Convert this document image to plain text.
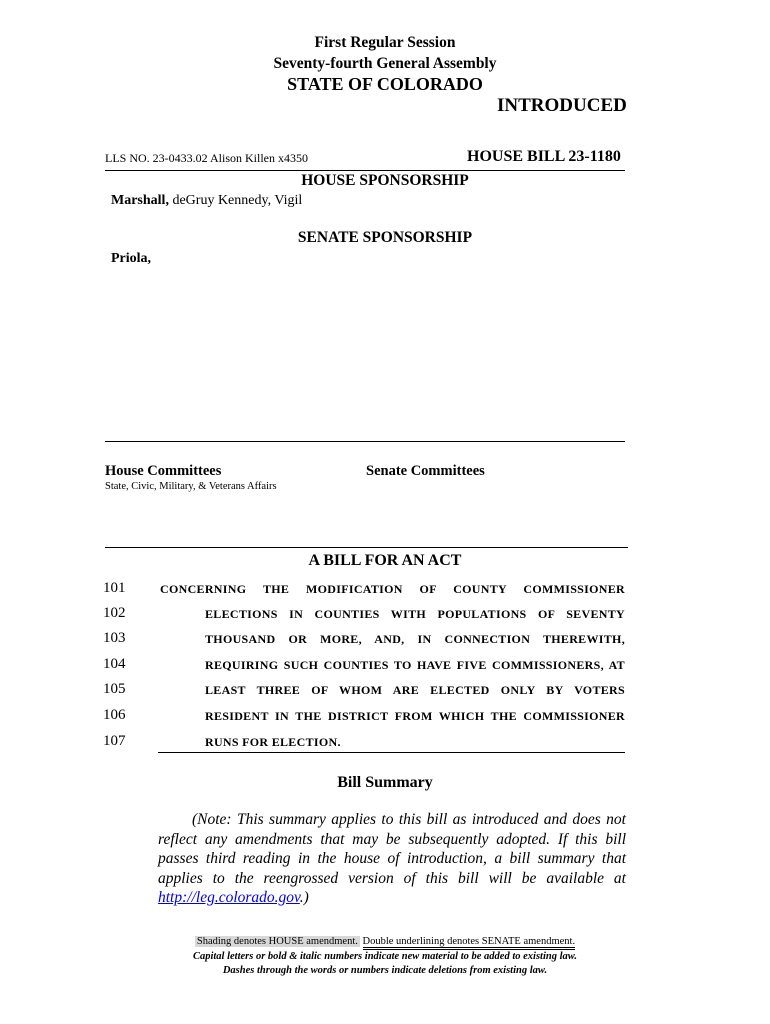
First Regular Session
Seventy-fourth General Assembly
STATE OF COLORADO
INTRODUCED
LLS NO. 23-0433.02 Alison Killen x4350	HOUSE BILL 23-1180
HOUSE SPONSORSHIP
Marshall, deGruy Kennedy, Vigil
SENATE SPONSORSHIP
Priola,
House Committees
State, Civic, Military, & Veterans Affairs
Senate Committees
A BILL FOR AN ACT
101	CONCERNING THE MODIFICATION OF COUNTY COMMISSIONER
102	ELECTIONS IN COUNTIES WITH POPULATIONS OF SEVENTY
103	THOUSAND OR MORE, AND, IN CONNECTION THEREWITH,
104	REQUIRING SUCH COUNTIES TO HAVE FIVE COMMISSIONERS, AT
105	LEAST THREE OF WHOM ARE ELECTED ONLY BY VOTERS
106	RESIDENT IN THE DISTRICT FROM WHICH THE COMMISSIONER
107	RUNS FOR ELECTION.
Bill Summary
(Note: This summary applies to this bill as introduced and does not reflect any amendments that may be subsequently adopted. If this bill passes third reading in the house of introduction, a bill summary that applies to the reengrossed version of this bill will be available at http://leg.colorado.gov.)
Shading denotes HOUSE amendment. Double underlining denotes SENATE amendment.
Capital letters or bold & italic numbers indicate new material to be added to existing law.
Dashes through the words or numbers indicate deletions from existing law.
